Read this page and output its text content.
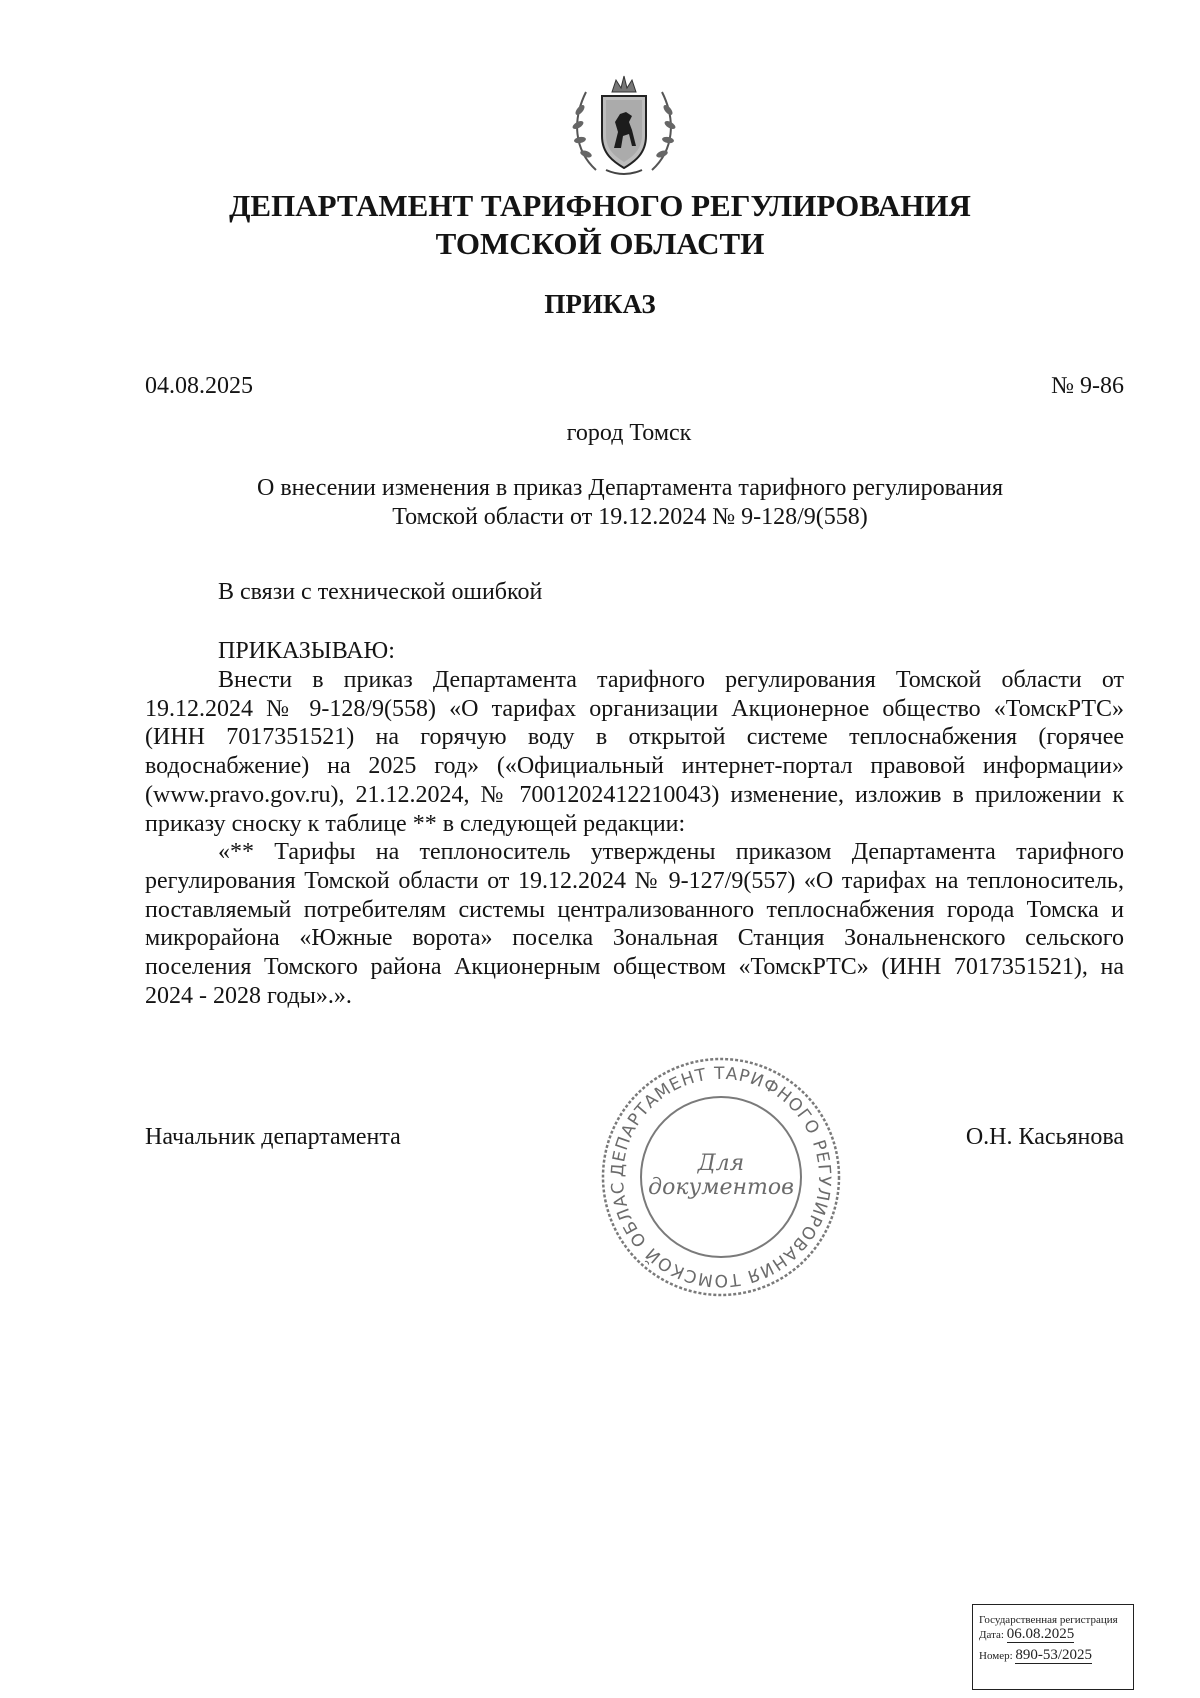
ДЕПАРТАМЕНТ ТАРИФНОГО РЕГУЛИРОВАНИЯ
ТОМСКОЙ ОБЛАСТИ
ПРИКАЗ
04.08.2025	№ 9-86
город Томск
О внесении изменения в приказ Департамента тарифного регулирования
Томской области от 19.12.2024 № 9-128/9(558)
В связи с технической ошибкой
ПРИКАЗЫВАЮ:

Внести в приказ Департамента тарифного регулирования Томской области от 19.12.2024 № 9-128/9(558) «О тарифах организации Акционерное общество «ТомскРТС» (ИНН 7017351521) на горячую воду в открытой системе теплоснабжения (горячее водоснабжение) на 2025 год» («Официальный интернет-портал правовой информации» (www.pravo.gov.ru), 21.12.2024, № 7001202412210043) изменение, изложив в приложении к приказу сноску к таблице ** в следующей редакции:

«** Тарифы на теплоноситель утверждены приказом Департамента тарифного регулирования Томской области от 19.12.2024 № 9-127/9(557) «О тарифах на теплоноситель, поставляемый потребителям системы централизованного теплоснабжения города Томска и микрорайона «Южные ворота» поселка Зональная Станция Зональненского сельского поселения Томского района Акционерным обществом «ТомскРТС» (ИНН 7017351521), на 2024 - 2028 годы».».

ДЕПАРТАМЕНТ ТАРИФНОГО РЕГУЛИРОВАНИЯ ТОМСКОЙ ОБЛАС
Для
документов
Начальник департамента	О.Н. Касьянова
Государственная регистрация
Дата: 06.08.2025
Номер: 890-53/2025
